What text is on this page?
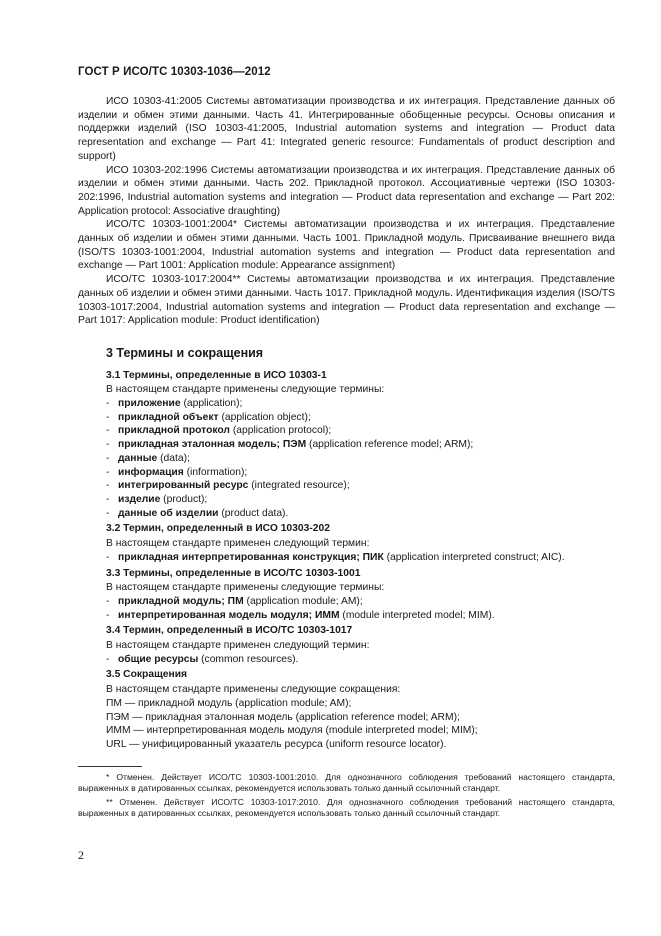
ГОСТ Р ИСО/ТС 10303-1036—2012

ИСО 10303-41:2005 Системы автоматизации производства и их интеграция. Представление данных об изделии и обмен этими данными. Часть 41. Интегрированные обобщенные ресурсы. Основы описания и поддержки изделий (ISO 10303-41:2005, Industrial automation systems and integration — Product data representation and exchange — Part 41: Integrated generic resource: Fundamentals of product description and support)

ИСО 10303-202:1996 Системы автоматизации производства и их интеграция. Представление данных об изделии и обмен этими данными. Часть 202. Прикладной протокол. Ассоциативные чертежи (ISO 10303-202:1996, Industrial automation systems and integration — Product data representation and exchange — Part 202: Application protocol: Associative draughting)

ИСО/ТС 10303-1001:2004* Системы автоматизации производства и их интеграция. Представление данных об изделии и обмен этими данными. Часть 1001. Прикладной модуль. Присваивание внешнего вида (ISO/TS 10303-1001:2004, Industrial automation systems and integration — Product data representation and exchange — Part 1001: Application module: Appearance assignment)

ИСО/ТС 10303-1017:2004** Системы автоматизации производства и их интеграция. Представление данных об изделии и обмен этими данными. Часть 1017. Прикладной модуль. Идентификация изделия (ISO/TS 10303-1017:2004, Industrial automation systems and integration — Product data representation and exchange — Part 1017: Application module: Product identification)

3 Термины и сокращения
3.1 Термины, определенные в ИСО 10303-1
В настоящем стандарте применены следующие термины:
- приложение (application);
- прикладной объект (application object);
- прикладной протокол (application protocol);
- прикладная эталонная модель; ПЭМ (application reference model; ARM);
- данные (data);
- информация (information);
- интегрированный ресурс (integrated resource);
- изделие (product);
- данные об изделии (product data).
3.2 Термин, определенный в ИСО 10303-202
В настоящем стандарте применен следующий термин:
- прикладная интерпретированная конструкция; ПИК (application interpreted construct; AIC).
3.3 Термины, определенные в ИСО/ТС 10303-1001
В настоящем стандарте применены следующие термины:
- прикладной модуль; ПМ (application module; AM);
- интерпретированная модель модуля; ИММ (module interpreted model; MIM).
3.4 Термин, определенный в ИСО/ТС 10303-1017
В настоящем стандарте применен следующий термин:
- общие ресурсы (common resources).
3.5 Сокращения
В настоящем стандарте применены следующие сокращения:
ПМ — прикладной модуль (application module; AM);
ПЭМ — прикладная эталонная модель (application reference model; ARM);
ИММ — интерпретированная модель модуля (module interpreted model; MIM);
URL — унифицированный указатель ресурса (uniform resource locator).

* Отменен. Действует ИСО/ТС 10303-1001:2010. Для однозначного соблюдения требований настоящего стандарта, выраженных в датированных ссылках, рекомендуется использовать только данный ссылочный стандарт.

** Отменен. Действует ИСО/ТС 10303-1017:2010. Для однозначного соблюдения требований настоящего стандарта, выраженных в датированных ссылках, рекомендуется использовать только данный ссылочный стандарт.

2
